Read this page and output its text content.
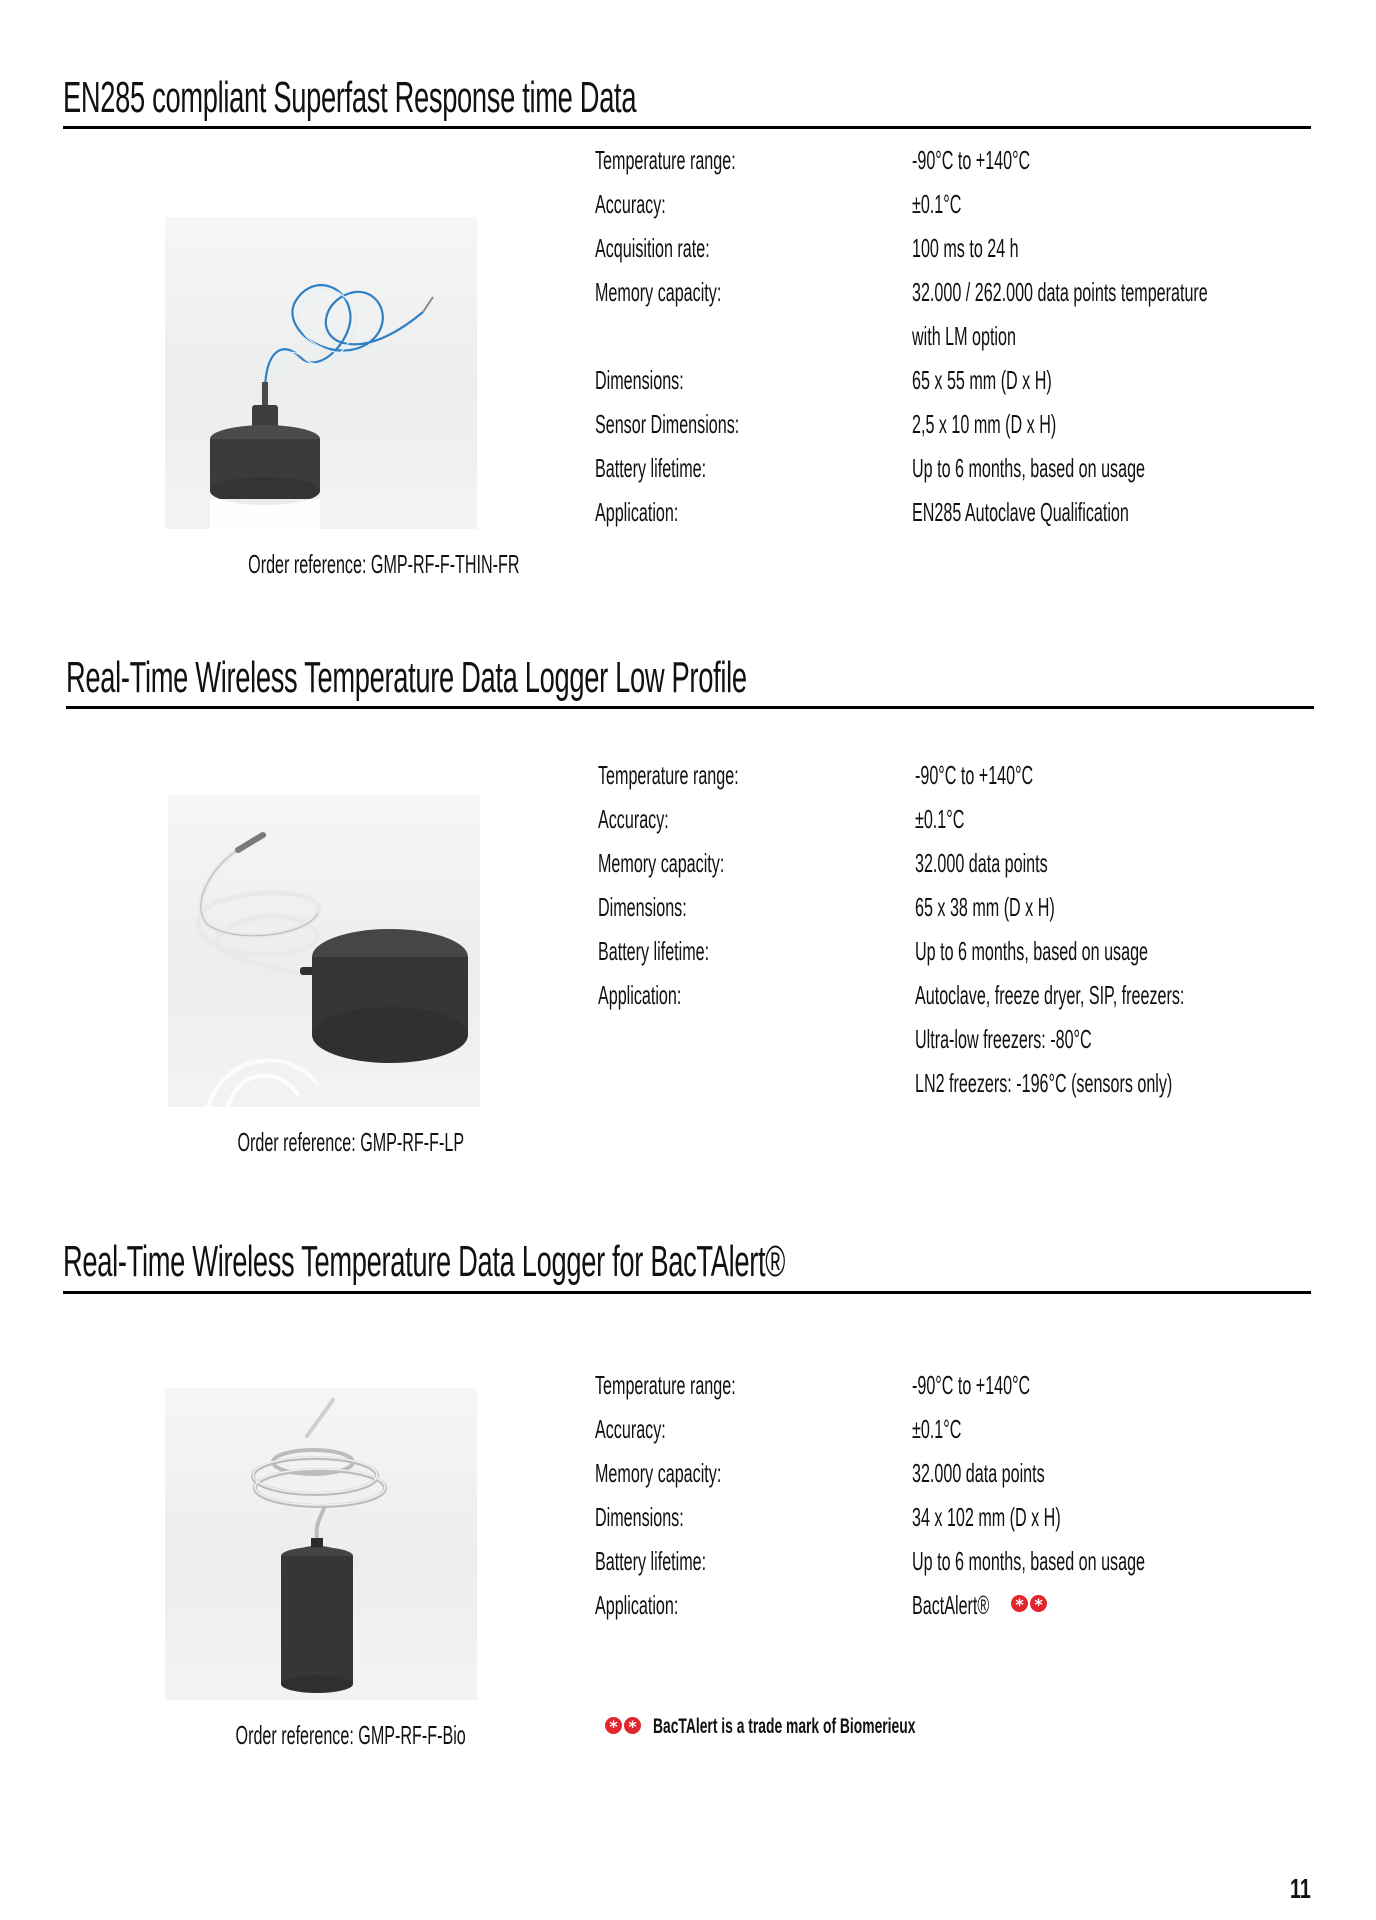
EN285 compliant Superfast Response time Data
Order reference: GMP-RF-F-THIN-FR
Temperature range:	-90°C to +140°C
Accuracy:	±0.1°C
Acquisition rate:	100 ms to 24 h
Memory capacity:	32.000 / 262.000 data points temperature
with LM option
Dimensions:	65 x 55 mm (D x H)
Sensor Dimensions:	2,5 x 10 mm (D x H)
Battery lifetime:	Up to 6 months, based on usage
Application:	EN285 Autoclave Qualification
Real-Time Wireless Temperature Data Logger Low Profile
Order reference: GMP-RF-F-LP
Temperature range:	-90°C to +140°C
Accuracy:	±0.1°C
Memory capacity:	32.000 data points
Dimensions:	65 x 38 mm (D x H)
Battery lifetime:	Up to 6 months, based on usage
Application:	Autoclave, freeze dryer, SIP, freezers:
Ultra-low freezers: -80°C
LN2 freezers: -196°C (sensors only)
Real-Time Wireless Temperature Data Logger for BacTAlert®
Order reference: GMP-RF-F-Bio
Temperature range:	-90°C to +140°C
Accuracy:	±0.1°C
Memory capacity:	32.000 data points
Dimensions:	34 x 102 mm (D x H)
Battery lifetime:	Up to 6 months, based on usage
Application:	BactAlert®	* *
* * BacTAlert is a trade mark of Biomerieux
11
